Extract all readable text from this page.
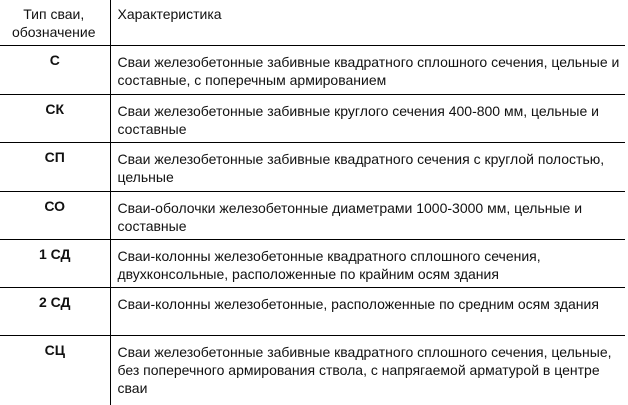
Тип сваи,
обозначение	Характеристика
С	Сваи железобетонные забивные квадратного сплошного сечения, цельные и составные, с поперечным армированием
СК	Сваи железобетонные забивные круглого сечения 400-800 мм, цельные и составные
СП	Сваи железобетонные забивные квадратного сечения с круглой полостью, цельные
СО	Сваи-оболочки железобетонные диаметрами 1000-3000 мм, цельные и составные
1 СД	Сваи-колонны железобетонные квадратного сплошного сечения, двухконсольные, расположенные по крайним осям здания
2 СД	Сваи-колонны железобетонные, расположенные по средним осям здания
СЦ	Сваи железобетонные забивные квадратного сплошного сечения, цельные, без поперечного армирования ствола, с напрягаемой арматурой в центре сваи
